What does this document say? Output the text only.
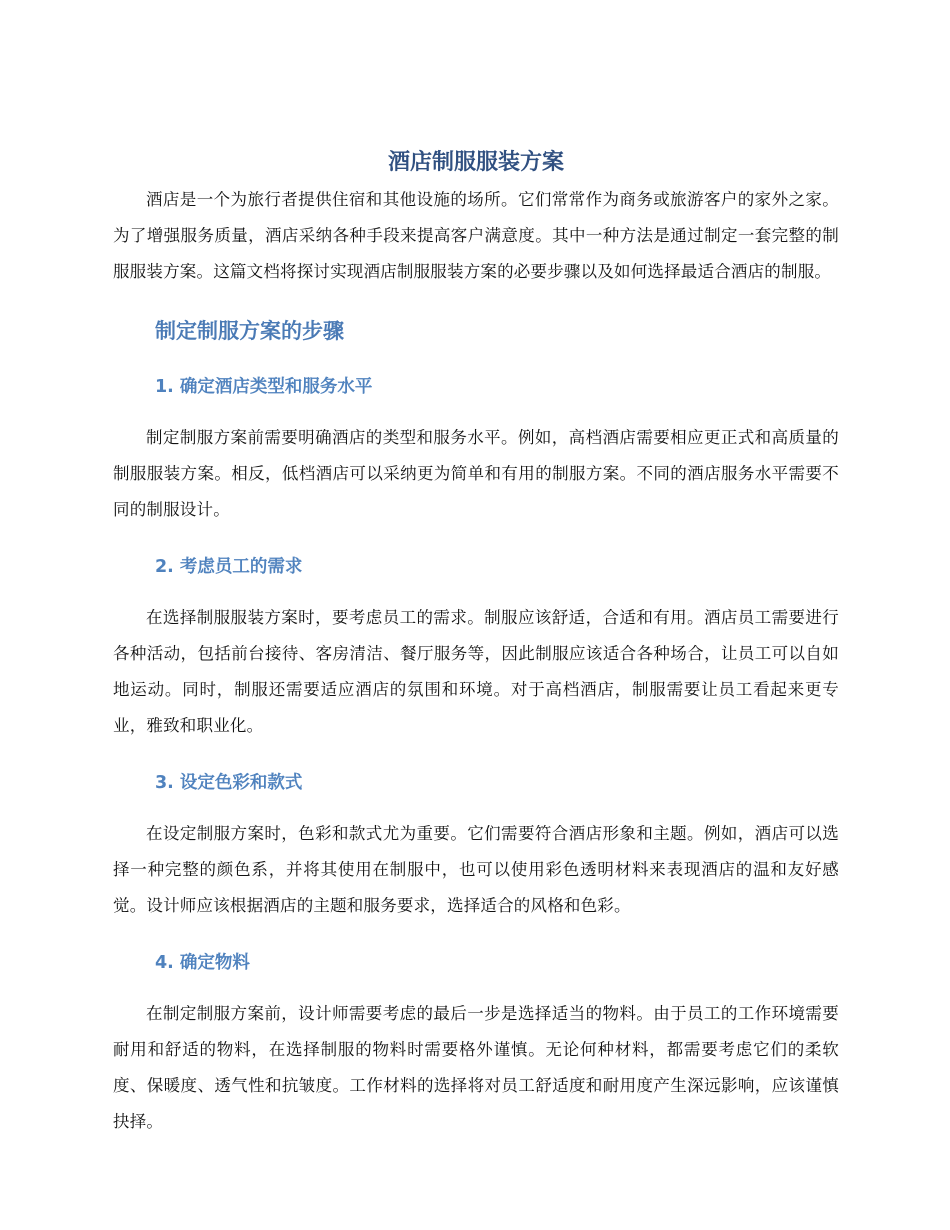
酒店制服服装方案

酒店是一个为旅行者提供住宿和其他设施的场所。它们常常作为商务或旅游客户的家外之家。为了增强服务质量，酒店采纳各种手段来提高客户满意度。其中一种方法是通过制定一套完整的制服服装方案。这篇文档将探讨实现酒店制服服装方案的必要步骤以及如何选择最适合酒店的制服。

制定制服方案的步骤
1. 确定酒店类型和服务水平

制定制服方案前需要明确酒店的类型和服务水平。例如，高档酒店需要相应更正式和高质量的制服服装方案。相反，低档酒店可以采纳更为简单和有用的制服方案。不同的酒店服务水平需要不同的制服设计。

2. 考虑员工的需求

在选择制服服装方案时，要考虑员工的需求。制服应该舒适，合适和有用。酒店员工需要进行各种活动，包括前台接待、客房清洁、餐厅服务等，因此制服应该适合各种场合，让员工可以自如地运动。同时，制服还需要适应酒店的氛围和环境。对于高档酒店，制服需要让员工看起来更专业，雅致和职业化。

3. 设定色彩和款式

在设定制服方案时，色彩和款式尤为重要。它们需要符合酒店形象和主题。例如，酒店可以选择一种完整的颜色系，并将其使用在制服中，也可以使用彩色透明材料来表现酒店的温和友好感觉。设计师应该根据酒店的主题和服务要求，选择适合的风格和色彩。

4. 确定物料

在制定制服方案前，设计师需要考虑的最后一步是选择适当的物料。由于员工的工作环境需要耐用和舒适的物料，在选择制服的物料时需要格外谨慎。无论何种材料，都需要考虑它们的柔软度、保暖度、透气性和抗皱度。工作材料的选择将对员工舒适度和耐用度产生深远影响，应该谨慎抉择。
